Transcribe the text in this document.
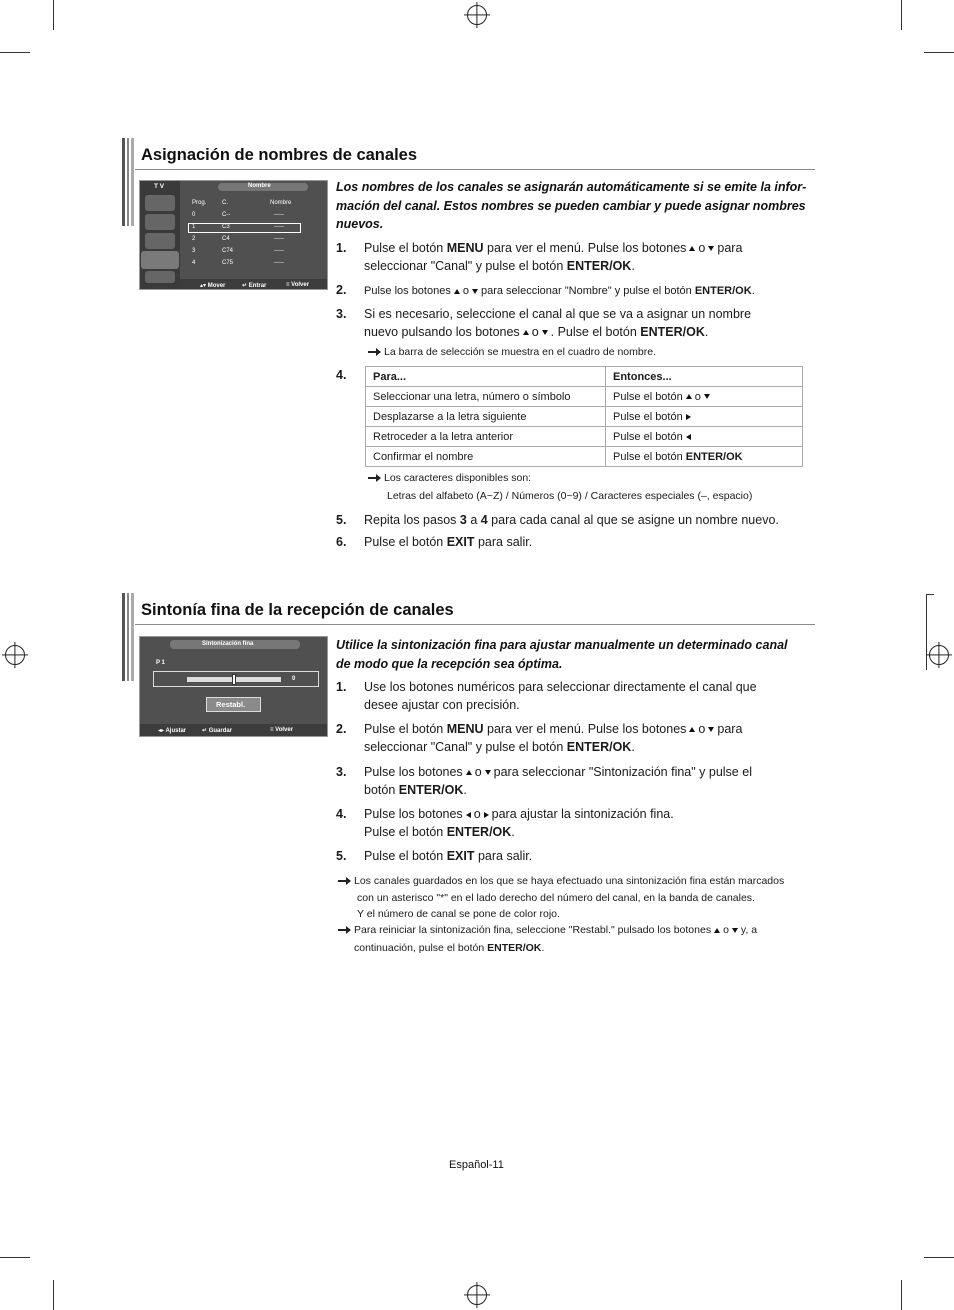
Asignación de nombres de canales
T V	Nombre
Prog.	C.	Nombre
0	C--	-----
1	C3	-----
2	C4	-----
3	C74	-----
4	C75	-----
▴▾ Mover	↵ Entrar	≡ Volver
Los nombres de los canales se asignarán automáticamente si se emite la infor-
mación del canal. Estos nombres se pueden cambiar y puede asignar nombres
nuevos.
1. Pulse el botón MENU para ver el menú. Pulse los botones o para
seleccionar "Canal" y pulse el botón ENTER/OK.
2. Pulse los botones o para seleccionar "Nombre" y pulse el botón ENTER/OK.
3. Si es necesario, seleccione el canal al que se va a asignar un nombre
nuevo pulsando los botones o . Pulse el botón ENTER/OK.
La barra de selección se muestra en el cuadro de nombre.
4. Para...	Entonces...
Seleccionar una letra, número o símbolo	Pulse el botón o
Desplazarse a la letra siguiente	Pulse el botón
Retroceder a la letra anterior	Pulse el botón
Confirmar el nombre	Pulse el botón ENTER/OK
Los caracteres disponibles son:
Letras del alfabeto (A~Z) / Números (0~9) / Caracteres especiales (–, espacio)
5. Repita los pasos 3 a 4 para cada canal al que se asigne un nombre nuevo.
6. Pulse el botón EXIT para salir.
Sintonía fina de la recepción de canales
Sintonización fina
P 1
0
Restabl.
◂▸ Ajustar	↵ Guardar	≡ Volver
Utilice la sintonización fina para ajustar manualmente un determinado canal
de modo que la recepción sea óptima.
1. Use los botones numéricos para seleccionar directamente el canal que
desee ajustar con precisión.
2. Pulse el botón MENU para ver el menú. Pulse los botones o para
seleccionar "Canal" y pulse el botón ENTER/OK.
3. Pulse los botones o para seleccionar "Sintonización fina" y pulse el
botón ENTER/OK.
4. Pulse los botones o para ajustar la sintonización fina.
Pulse el botón ENTER/OK.
5. Pulse el botón EXIT para salir.
Los canales guardados en los que se haya efectuado una sintonización fina están marcados
con un asterisco "*" en el lado derecho del número del canal, en la banda de canales.
Y el número de canal se pone de color rojo.
Para reiniciar la sintonización fina, seleccione "Restabl." pulsado los botones o y, a
continuación, pulse el botón ENTER/OK.
Español-11
